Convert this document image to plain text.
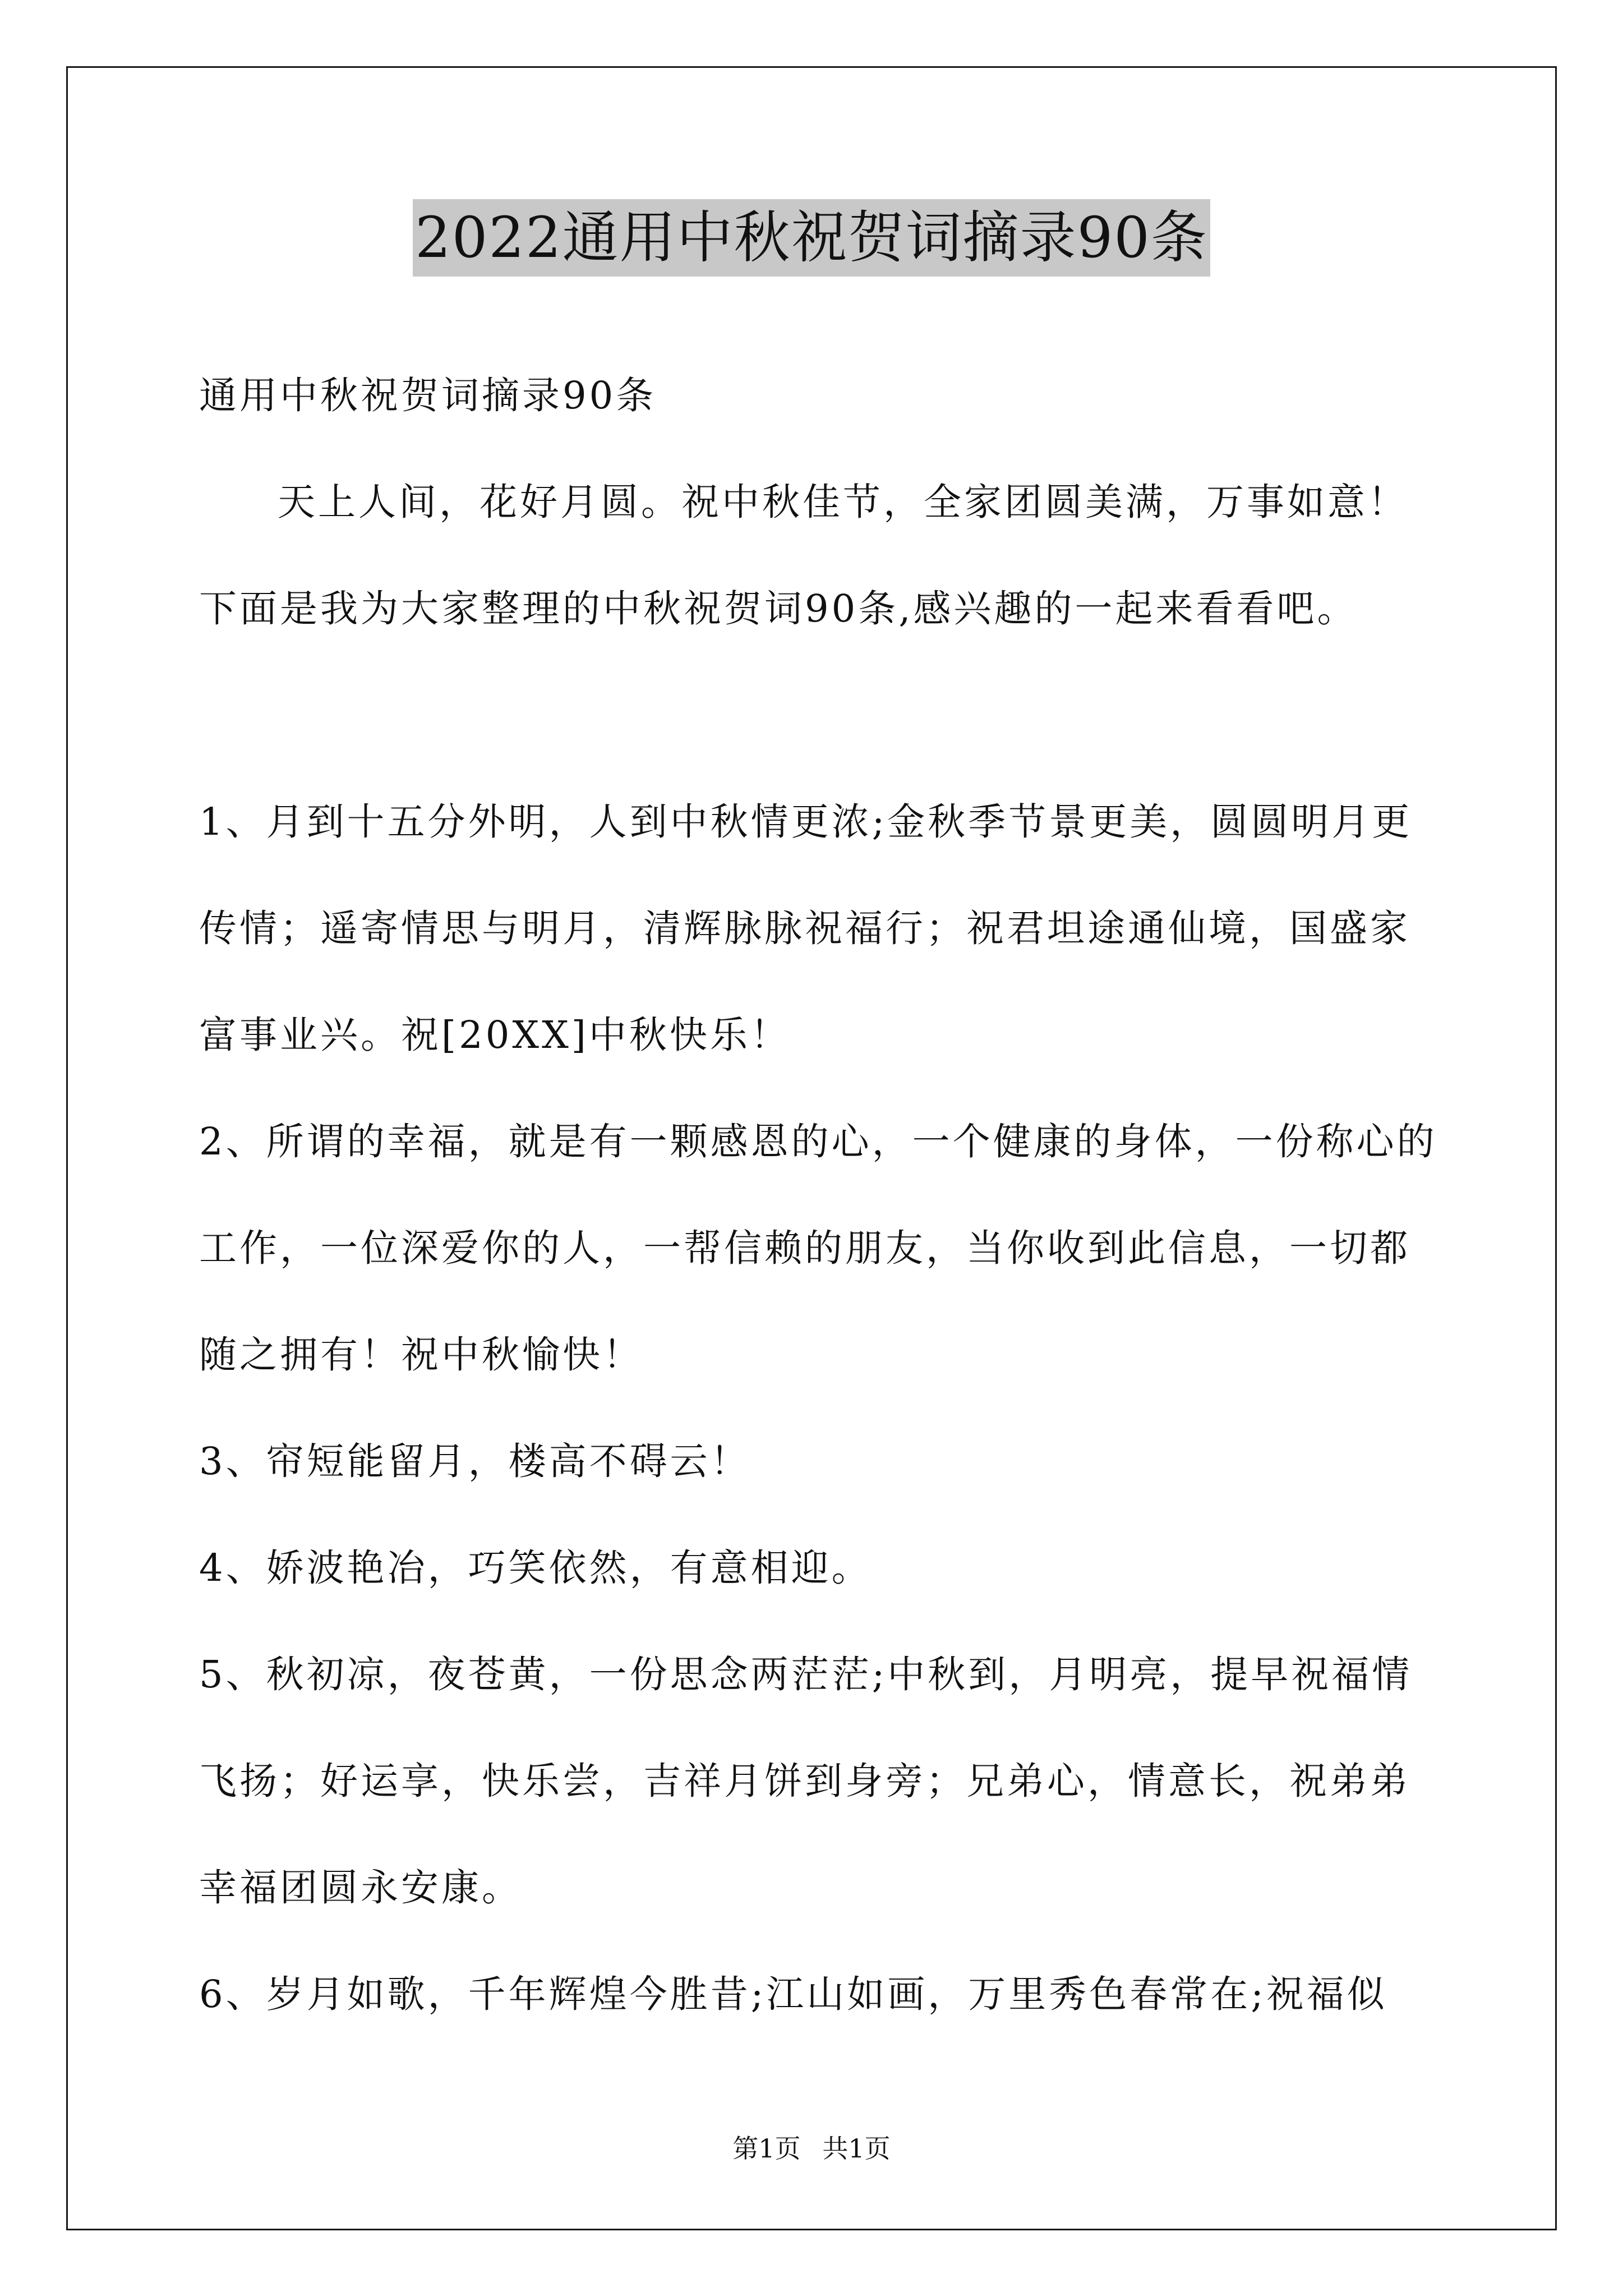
2022通用中秋祝贺词摘录90条
通用中秋祝贺词摘录90条
天上人间，花好月圆。祝中秋佳节，全家团圆美满，万事如意！
下面是我为大家整理的中秋祝贺词90条,感兴趣的一起来看看吧。
1、月到十五分外明，人到中秋情更浓;金秋季节景更美，圆圆明月更
传情；遥寄情思与明月，清辉脉脉祝福行；祝君坦途通仙境，国盛家
富事业兴。祝[20XX]中秋快乐！
2、所谓的幸福，就是有一颗感恩的心，一个健康的身体，一份称心的
工作，一位深爱你的人，一帮信赖的朋友，当你收到此信息，一切都
随之拥有！祝中秋愉快！
3、帘短能留月，楼高不碍云！
4、娇波艳冶，巧笑依然，有意相迎。
5、秋初凉，夜苍黄，一份思念两茫茫;中秋到，月明亮，提早祝福情
飞扬；好运享，快乐尝，吉祥月饼到身旁；兄弟心，情意长，祝弟弟
幸福团圆永安康。
6、岁月如歌，千年辉煌今胜昔;江山如画，万里秀色春常在;祝福似
第1页 共1页
